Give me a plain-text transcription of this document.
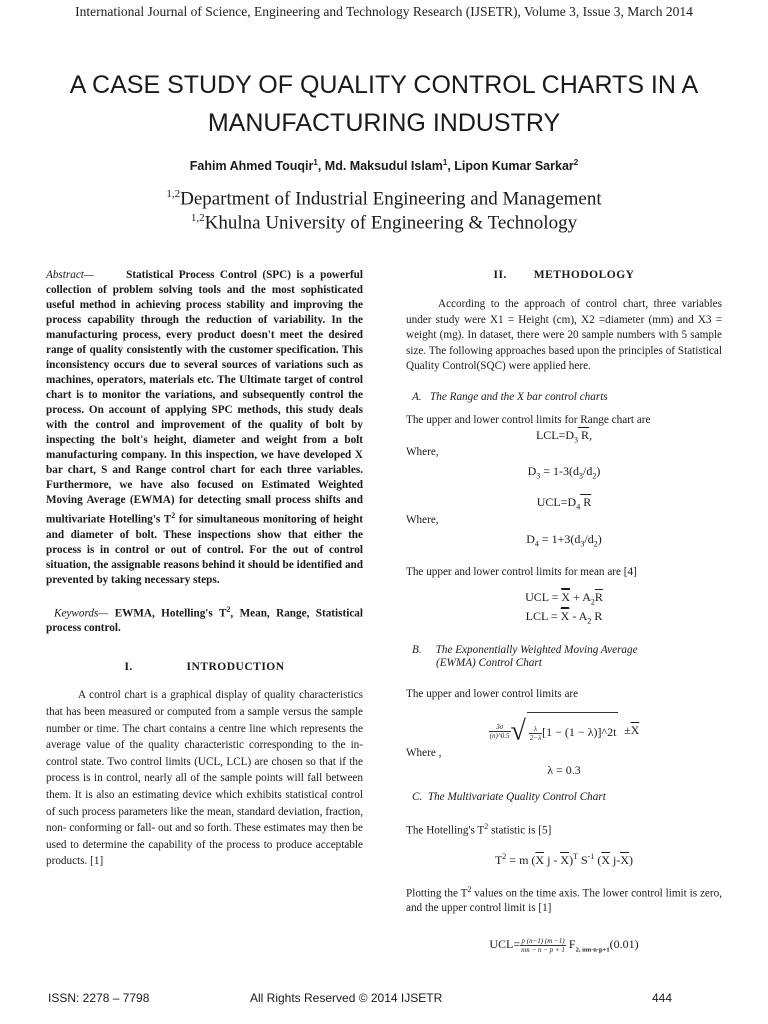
International Journal of Science, Engineering and Technology Research (IJSETR), Volume 3, Issue 3, March 2014
A CASE STUDY OF QUALITY CONTROL CHARTS IN A
MANUFACTURING INDUSTRY
Fahim Ahmed Touqir$^1$, Md. Maksudul Islam$^1$, Lipon Kumar Sarkar$^2$
$^{1,2}$Department of Industrial Engineering and Management
$^{1,2}$Khulna University of Engineering & Technology

Abstract—	Statistical Process Control (SPC) is a powerful collection of problem solving tools and the most sophisticated useful method in achieving process stability and improving the process capability through the reduction of variability. In the manufacturing process, every product doesn't meet the desired range of quality consistently with the customer specification. This inconsistency occurs due to several sources of variations such as machines, operators, materials etc. The Ultimate target of control chart is to monitor the variations, and subsequently control the process. On account of applying SPC methods, this study deals with the control and improvement of the quality of bolt by inspecting the bolt's height, diameter and weight from a bolt manufacturing company. In this inspection, we have developed X bar chart, S and Range control chart for each three variables. Furthermore, we have also focused on Estimated Weighted Moving Average (EWMA) for detecting small process shifts and multivariate Hotelling's $T^2$ for simultaneous monitoring of height and diameter of bolt. These inspections show that either the process is in control or out of control. For the out of control situation, the assignable reasons behind it should be identified and prevented by taking necessary steps.

Keywords— EWMA, Hotelling's $T^2$, Mean, Range, Statistical process control.

I.	INTRODUCTION

A control chart is a graphical display of quality characteristics that has been measured or computed from a sample versus the sample number or time. The chart contains a centre line which represents the average value of the quality characteristic corresponding to the in-control state. Two control limits (UCL, LCL) are chosen so that if the process is in control, nearly all of the sample points will fall between them. It is also an estimating device which exhibits statistical control of such process parameters like the mean, standard deviation, fraction, non- conforming or fall- out and so forth. These estimates may then be used to determine the capability of the process to produce acceptable products. [1]

II. METHODOLOGY

According to the approach of control chart, three variables under study were X1 = Height (cm), X2 =diameter (mm) and X3 = weight (mg). In dataset, there were 20 sample numbers with 5 sample size. The following approaches based upon the principles of Statistical Quality Control(SQC) were applied here.

A. The Range and the X bar control charts

The upper and lower control limits for Range chart are

$LCL=D_3$ R,

Where,

$D_3 = 1-3(d_3/d_2)$

$UCL=D_4$ R

Where,

$D_4 = 1+3(d_3/d_2)$

The upper and lower control limits for mean are [4]

UCL = $\overline{X} + A_2\overline{R}$

LCL = $\overline{X} - A_2$ R

B. The Exponentially Weighted Moving Average

(EWMA) Control Chart

The upper and lower control limits are

$\frac{3\sigma}{(n)\^{}0.5}$ √ $\frac{\lambda}{2-\lambda} [1 - (1$ − λ)]^2t $\pm\overline{X}$

Where ,

λ = 0.3

C. The Multivariate Quality Control Chart

The Hotelling's $T^2$ statistic is [5]

$T^2 = m$ ($\overline{X}$ j - $\overline{X})^T$ $S^{-1}$ ($\overline{X}$ $j-\overline{X}$)

Plotting the $T^2$ values on the time axis. The lower control limit is zero, and the upper control limit is [1]

$UCL= \frac{p (n-1) (m -1)}{nm - n - p + 1} F_{2, nm-n-p+1}(0.01)$
ISSN: 2278 – 7798	All Rights Reserved © 2014 IJSETR	444
